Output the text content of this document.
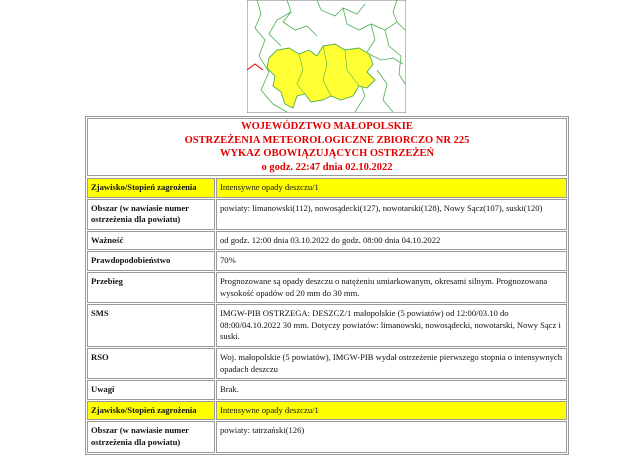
WOJEWÓDZTWO MAŁOPOLSKIE
OSTRZEŻENIA METEOROLOGICZNE ZBIORCZO NR 225
WYKAZ OBOWIĄZUJĄCYCH OSTRZEŻEŃ
o godz. 22:47 dnia 02.10.2022
Zjawisko/Stopień zagrożenia	Intensywne opady deszczu/1
Obszar (w nawiasie numer ostrzeżenia dla powiatu)	powiaty: limanowski(112), nowosądecki(127), nowotarski(128), Nowy Sącz(107), suski(120)
Ważność	od godz. 12:00 dnia 03.10.2022 do godz. 08:00 dnia 04.10.2022
Prawdopodobieństwo	70%
Przebieg	Prognozowane są opady deszczu o natężeniu umiarkowanym, okresami silnym. Prognozowana wysokość opadów od 20 mm do 30 mm.
SMS	IMGW-PIB OSTRZEGA: DESZCZ/1 małopolskie (5 powiatów) od 12:00/03.10 do 08:00/04.10.2022 30 mm. Dotyczy powiatów: limanowski, nowosądecki, nowotarski, Nowy Sącz i suski.
RSO	Woj. małopolskie (5 powiatów), IMGW-PIB wydał ostrzeżenie pierwszego stopnia o intensywnych opadach deszczu
Uwagi	Brak.
Zjawisko/Stopień zagrożenia	Intensywne opady deszczu/1
Obszar (w nawiasie numer ostrzeżenia dla powiatu)	powiaty: tatrzański(126)
